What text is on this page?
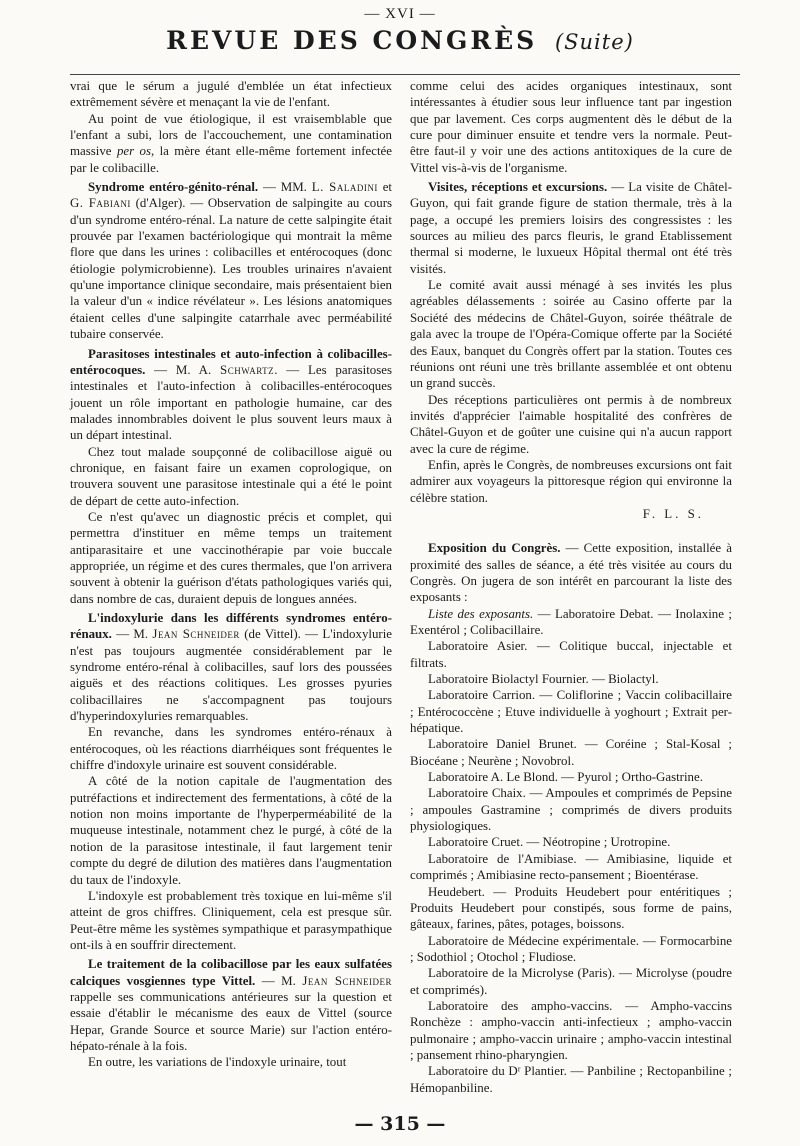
— XVI —
REVUE DES CONGRÈS (Suite)

vrai que le sérum a jugulé d'emblée un état infectieux extrêmement sévère et menaçant la vie de l'enfant.

Au point de vue étiologique, il est vraisemblable que l'enfant a subi, lors de l'accouchement, une contamination massive per os, la mère étant elle-même fortement infectée par le colibacille.

Syndrome entéro-génito-rénal. — MM. L. Saladini et G. Fabiani (d'Alger). — Observation de salpingite au cours d'un syndrome entéro-rénal. La nature de cette salpingite était prouvée par l'examen bactériologique qui montrait la même flore que dans les urines : colibacilles et entérocoques (donc étiologie polymicrobienne). Les troubles urinaires n'avaient qu'une importance clinique secondaire, mais présentaient bien la valeur d'un « indice révélateur ». Les lésions anatomiques étaient celles d'une salpingite catarrhale avec perméabilité tubaire conservée.

Parasitoses intestinales et auto-infection à colibacilles-entérocoques. — M. A. Schwartz. — Les parasitoses intestinales et l'auto-infection à colibacilles-entérocoques jouent un rôle important en pathologie humaine, car des malades innombrables doivent le plus souvent leurs maux à un départ intestinal.

Chez tout malade soupçonné de colibacillose aiguë ou chronique, en faisant faire un examen coprologique, on trouvera souvent une parasitose intestinale qui a été le point de départ de cette auto-infection.

Ce n'est qu'avec un diagnostic précis et complet, qui permettra d'instituer en même temps un traitement antiparasitaire et une vaccinothérapie par voie buccale appropriée, un régime et des cures thermales, que l'on arrivera souvent à obtenir la guérison d'états pathologiques variés qui, dans nombre de cas, duraient depuis de longues années.

L'indoxylurie dans les différents syndromes entéro-rénaux. — M. Jean Schneider (de Vittel). — L'indoxylurie n'est pas toujours augmentée considérablement par le syndrome entéro-rénal à colibacilles, sauf lors des poussées aiguës et des réactions colitiques. Les grosses pyuries colibacillaires ne s'accompagnent pas toujours d'hyperindoxyluries remarquables.

En revanche, dans les syndromes entéro-rénaux à entérocoques, où les réactions diarrhéiques sont fréquentes le chiffre d'indoxyle urinaire est souvent considérable.

A côté de la notion capitale de l'augmentation des putréfactions et indirectement des fermentations, à côté de la notion non moins importante de l'hyperperméabilité de la muqueuse intestinale, notamment chez le purgé, à côté de la notion de la parasitose intestinale, il faut largement tenir compte du degré de dilution des matières dans l'augmentation du taux de l'indoxyle.

L'indoxyle est probablement très toxique en lui-même s'il atteint de gros chiffres. Cliniquement, cela est presque sûr. Peut-être même les systèmes sympathique et parasympathique ont-ils à en souffrir directement.

Le traitement de la colibacillose par les eaux sulfatées calciques vosgiennes type Vittel. — M. Jean Schneider rappelle ses communications antérieures sur la question et essaie d'établir le mécanisme des eaux de Vittel (source Hepar, Grande Source et source Marie) sur l'action entéro-hépato-rénale à la fois.

En outre, les variations de l'indoxyle urinaire, tout

comme celui des acides organiques intestinaux, sont intéressantes à étudier sous leur influence tant par ingestion que par lavement. Ces corps augmentent dès le début de la cure pour diminuer ensuite et tendre vers la normale. Peut-être faut-il y voir une des actions antitoxiques de la cure de Vittel vis-à-vis de l'organisme.

Visites, réceptions et excursions. — La visite de Châtel-Guyon, qui fait grande figure de station thermale, très à la page, a occupé les premiers loisirs des congressistes : les sources au milieu des parcs fleuris, le grand Etablissement thermal si moderne, le luxueux Hôpital thermal ont été très visités.

Le comité avait aussi ménagé à ses invités les plus agréables délassements : soirée au Casino offerte par la Société des médecins de Châtel-Guyon, soirée théâtrale de gala avec la troupe de l'Opéra-Comique offerte par la Société des Eaux, banquet du Congrès offert par la station. Toutes ces réunions ont réuni une très brillante assemblée et ont obtenu un grand succès.

Des réceptions particulières ont permis à de nombreux invités d'apprécier l'aimable hospitalité des confrères de Châtel-Guyon et de goûter une cuisine qui n'a aucun rapport avec la cure de régime.

Enfin, après le Congrès, de nombreuses excursions ont fait admirer aux voyageurs la pittoresque région qui environne la célèbre station.

F. L. S.

Exposition du Congrès. — Cette exposition, installée à proximité des salles de séance, a été très visitée au cours du Congrès. On jugera de son intérêt en parcourant la liste des exposants :

Liste des exposants. — Laboratoire Debat. — Inolaxine ; Exentérol ; Colibacillaire.

Laboratoire Asier. — Colitique buccal, injectable et filtrats.

Laboratoire Biolactyl Fournier. — Biolactyl.

Laboratoire Carrion. — Coliflorine ; Vaccin colibacillaire ; Entérococcène ; Etuve individuelle à yoghourt ; Extrait per-hépatique.

Laboratoire Daniel Brunet. — Coréine ; Stal-Kosal ; Biocéane ; Neurène ; Novobrol.

Laboratoire A. Le Blond. — Pyurol ; Ortho-Gastrine.

Laboratoire Chaix. — Ampoules et comprimés de Pepsine ; ampoules Gastramine ; comprimés de divers produits physiologiques.

Laboratoire Cruet. — Néotropine ; Urotropine.

Laboratoire de l'Amibiase. — Amibiasine, liquide et comprimés ; Amibiasine recto-pansement ; Bioentérase.

Heudebert. — Produits Heudebert pour entéritiques ; Produits Heudebert pour constipés, sous forme de pains, gâteaux, farines, pâtes, potages, boissons.

Laboratoire de Médecine expérimentale. — Formocarbine ; Sodothiol ; Otochol ; Fludiose.

Laboratoire de la Microlyse (Paris). — Microlyse (poudre et comprimés).

Laboratoire des ampho-vaccins. — Ampho-vaccins Ronchèze : ampho-vaccin anti-infectieux ; ampho-vaccin pulmonaire ; ampho-vaccin urinaire ; ampho-vaccin intestinal ; pansement rhino-pharyngien.

Laboratoire du Dʳ Plantier. — Panbiline ; Rectopanbiline ; Hémopanbiline.

— 315 —
